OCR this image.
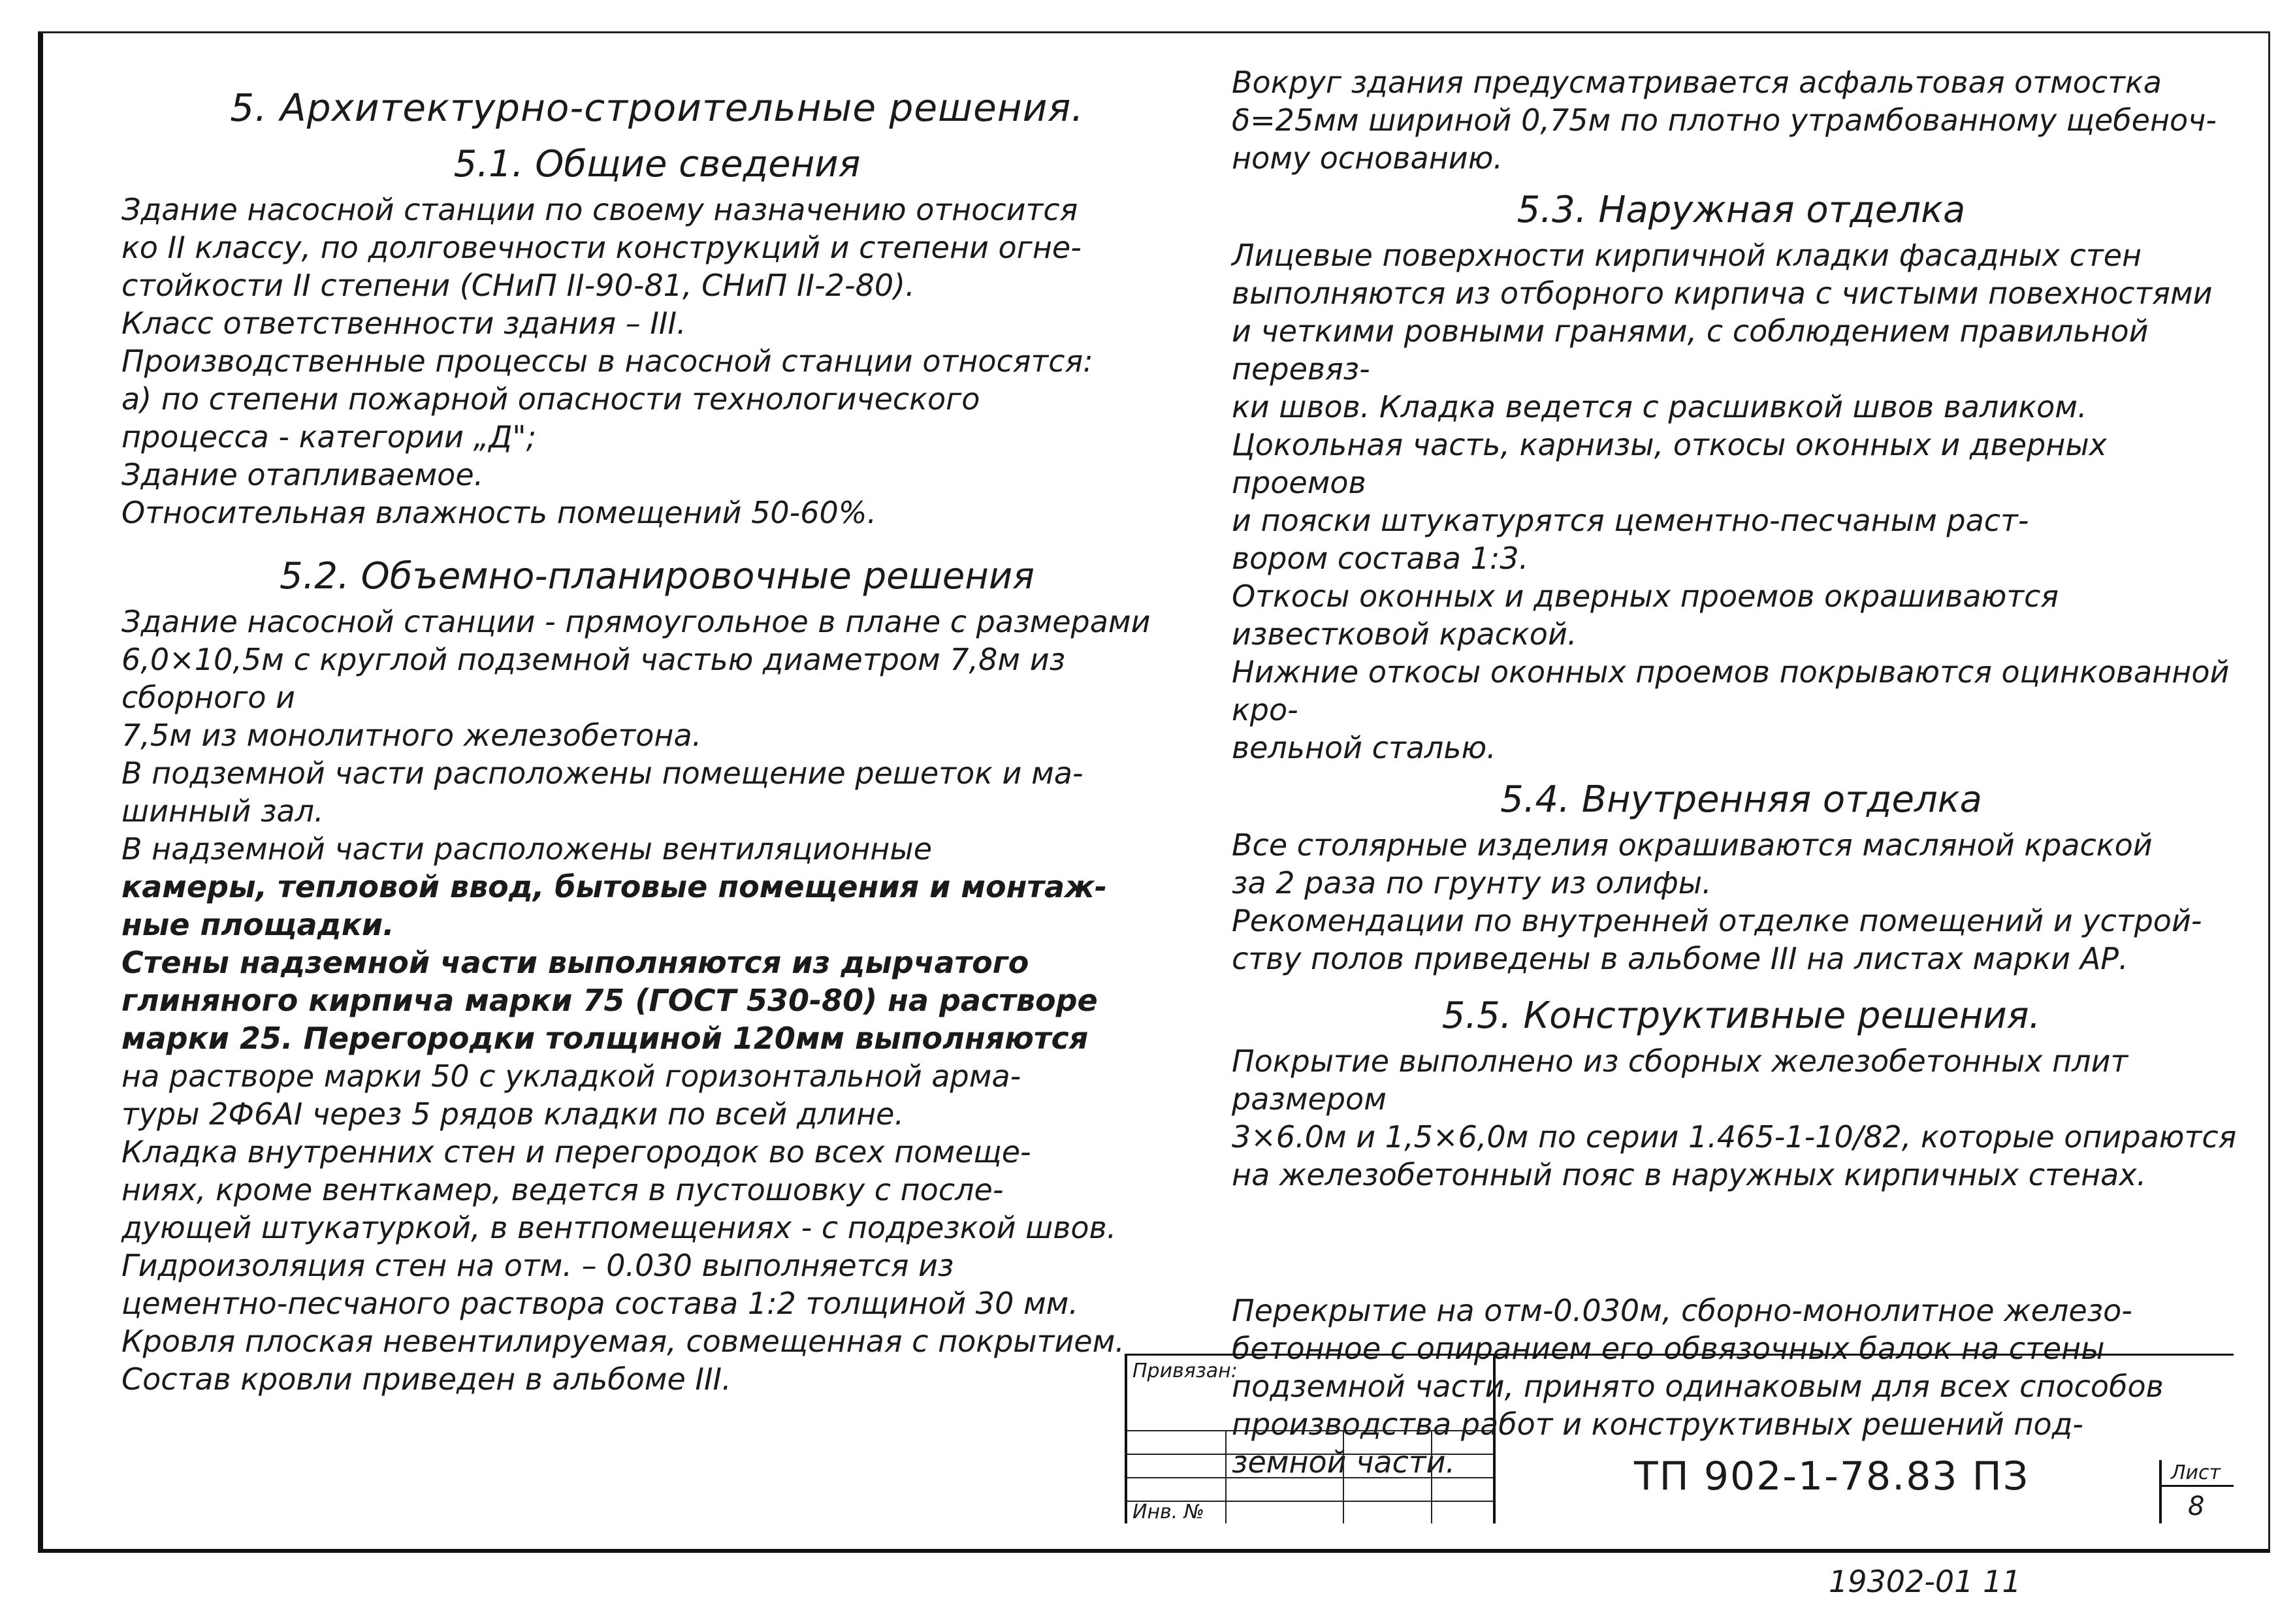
5. Архитектурно-строительные решения.
5.1. Общие сведения

Здание насосной станции по своему назначению относится

ко II классу, по долговечности конструкций и степени огне-

стойкости II степени (СНиП II-90-81, СНиП II-2-80).

Класс ответственности здания – III.

Производственные процессы в насосной станции относятся:

а) по степени пожарной опасности технологического

процесса - категории „Д";

Здание отапливаемое.

Относительная влажность помещений 50-60%.

5.2. Объемно-планировочные решения

Здание насосной станции - прямоугольное в плане с размерами

6,0×10,5м с круглой подземной частью диаметром 7,8м из сборного и

7,5м из монолитного железобетона.

В подземной части расположены помещение решеток и ма-

шинный зал.

В надземной части расположены вентиляционные

камеры, тепловой ввод, бытовые помещения и монтаж-

ные площадки.

Стены надземной части выполняются из дырчатого

глиняного кирпича марки 75 (ГОСТ 530-80) на растворе

марки 25. Перегородки толщиной 120мм выполняются

на растворе марки 50 с укладкой горизонтальной арма-

туры 2Ф6АI через 5 рядов кладки по всей длине.

Кладка внутренних стен и перегородок во всех помеще-

ниях, кроме венткамер, ведется в пустошовку с после-

дующей штукатуркой, в вентпомещениях - с подрезкой швов.

Гидроизоляция стен на отм. – 0.030 выполняется из

цементно-песчаного раствора состава 1:2 толщиной 30 мм.

Кровля плоская невентилируемая, совмещенная с покрытием.

Состав кровли приведен в альбоме III.

Вокруг здания предусматривается асфальтовая отмостка

δ=25мм шириной 0,75м по плотно утрамбованному щебеноч-

ному основанию.

5.3. Наружная отделка

Лицевые поверхности кирпичной кладки фасадных стен

выполняются из отборного кирпича с чистыми повехностями

и четкими ровными гранями, с соблюдением правильной перевяз-

ки швов. Кладка ведется с расшивкой швов валиком.

Цокольная часть, карнизы, откосы оконных и дверных проемов

и пояски штукатурятся цементно-песчаным раст-

вором состава 1:3.

Откосы оконных и дверных проемов окрашиваются известковой краской.

Нижние откосы оконных проемов покрываются оцинкованной кро-

вельной сталью.

5.4. Внутренняя отделка

Все столярные изделия окрашиваются масляной краской

за 2 раза по грунту из олифы.

Рекомендации по внутренней отделке помещений и устрой-

ству полов приведены в альбоме III на листах марки АР.

5.5. Конструктивные решения.

Покрытие выполнено из сборных железобетонных плит размером

3×6.0м и 1,5×6,0м по серии 1.465-1-10/82, которые опираются

на железобетонный пояс в наружных кирпичных стенах.

Перекрытие на отм-0.030м, сборно-монолитное железо-

бетонное с опиранием его обвязочных балок на стены

подземной части, принято одинаковым для всех способов

производства работ и конструктивных решений под-

земной части.

Привязан:
Инв. №
ТП 902-1-78.83 ПЗ	Лист
8
19302-01 11
